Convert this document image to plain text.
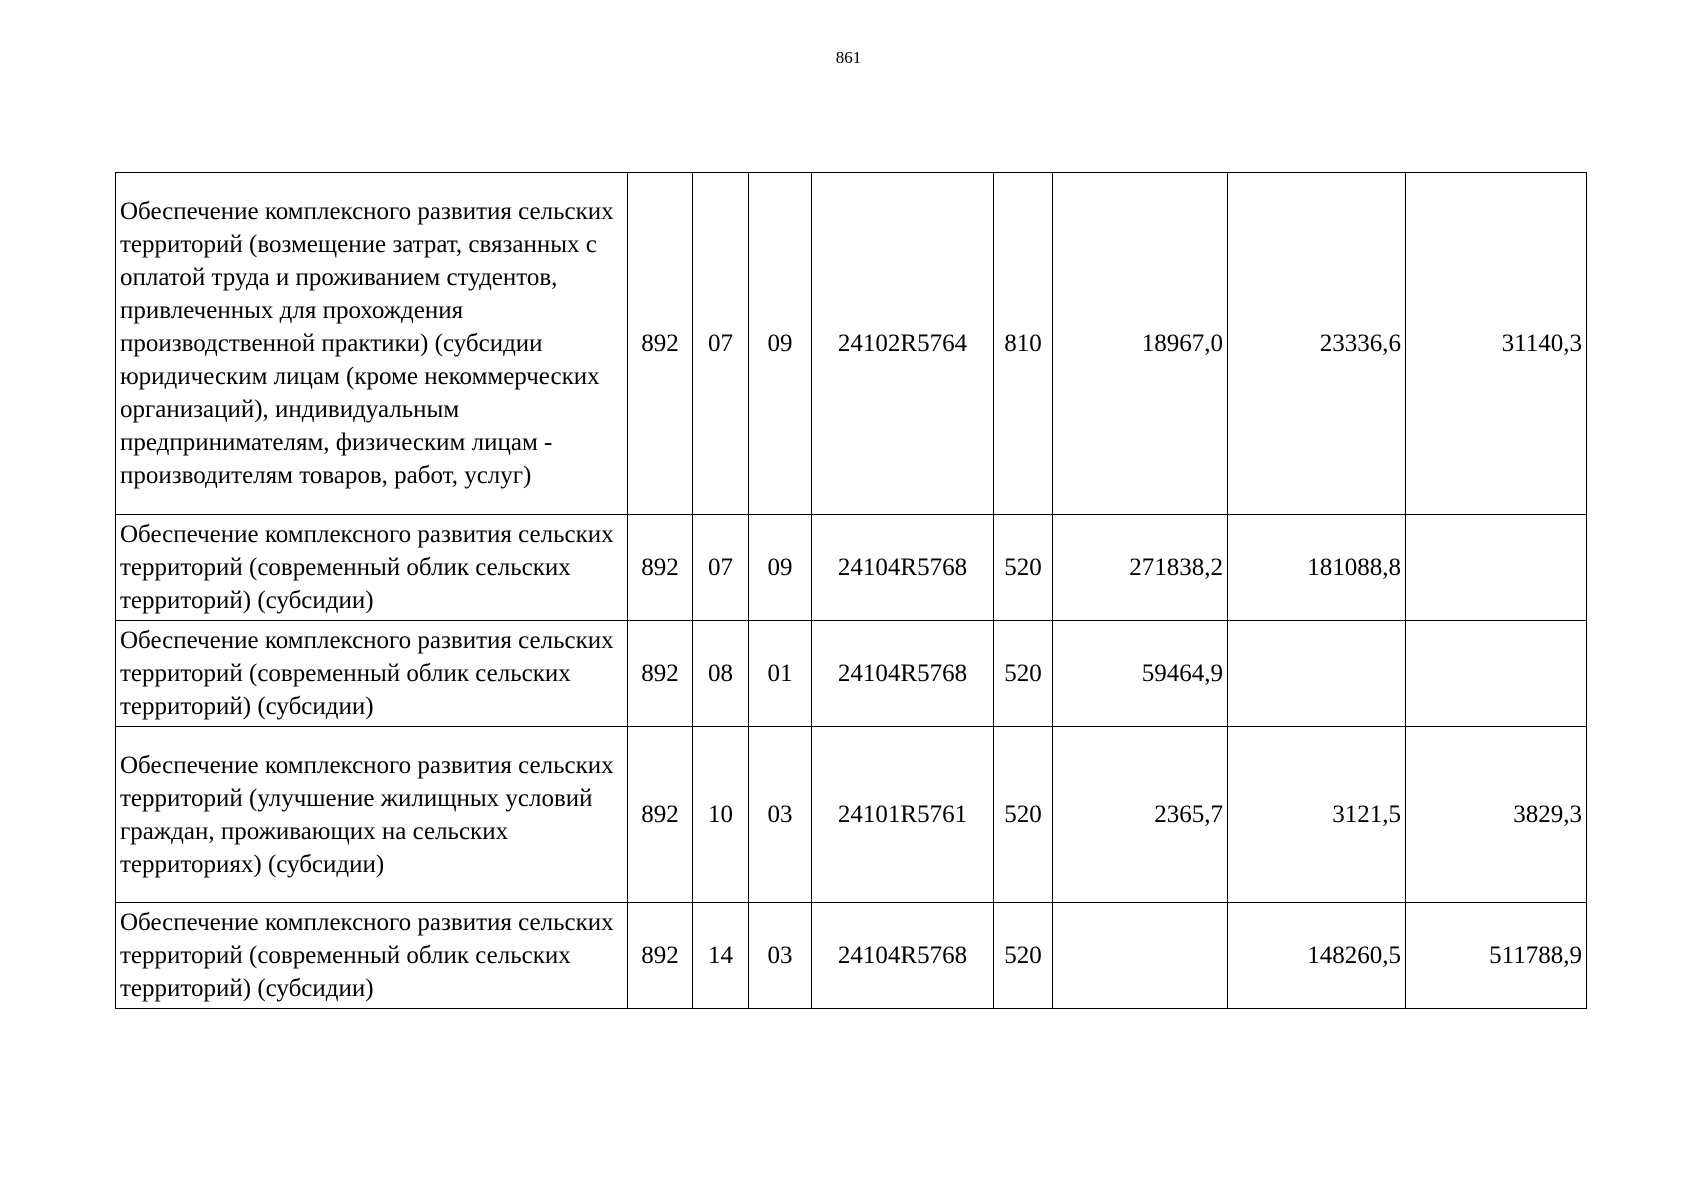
861
Обеспечение комплексного развития сельских территорий (возмещение затрат, связанных с оплатой труда и проживанием студентов, привлеченных для прохождения производственной практики) (субсидии юридическим лицам (кроме некоммерческих организаций), индивидуальным предпринимателям, физическим лицам - производителям товаров, работ, услуг)	892	07	09	24102R5764	810	18967,0	23336,6	31140,3
Обеспечение комплексного развития сельских территорий (современный облик сельских территорий) (субсидии)	892	07	09	24104R5768	520	271838,2	181088,8	
Обеспечение комплексного развития сельских территорий (современный облик сельских территорий) (субсидии)	892	08	01	24104R5768	520	59464,9		
Обеспечение комплексного развития сельских территорий (улучшение жилищных условий граждан, проживающих на сельских территориях) (субсидии)	892	10	03	24101R5761	520	2365,7	3121,5	3829,3
Обеспечение комплексного развития сельских территорий (современный облик сельских территорий) (субсидии)	892	14	03	24104R5768	520		148260,5	511788,9
